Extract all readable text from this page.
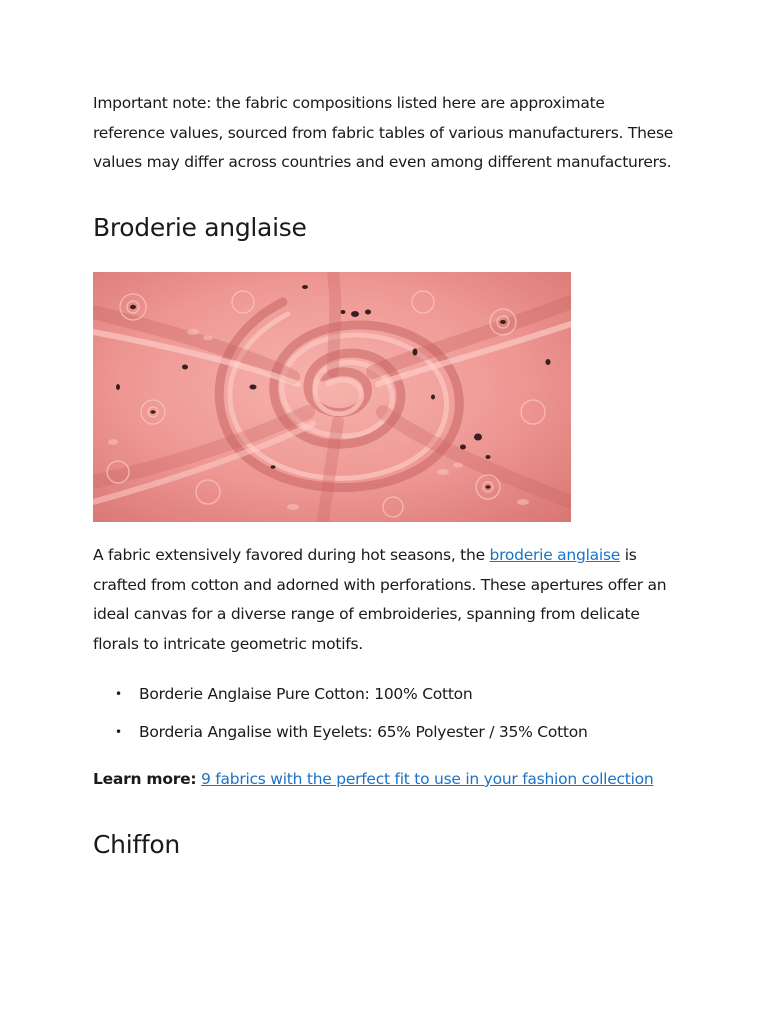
Important note: the fabric compositions listed here are approximate reference values, sourced from fabric tables of various manufacturers. These values may differ across countries and even among different manufacturers.

Broderie anglaise

A fabric extensively favored during hot seasons, the broderie anglaise is crafted from cotton and adorned with perforations. These apertures offer an ideal canvas for a diverse range of embroideries, spanning from delicate florals to intricate geometric motifs.

• Borderie Anglaise Pure Cotton: 100% Cotton
• Borderia Angalise with Eyelets: 65% Polyester / 35% Cotton

Learn more: 9 fabrics with the perfect fit to use in your fashion collection

Chiffon
